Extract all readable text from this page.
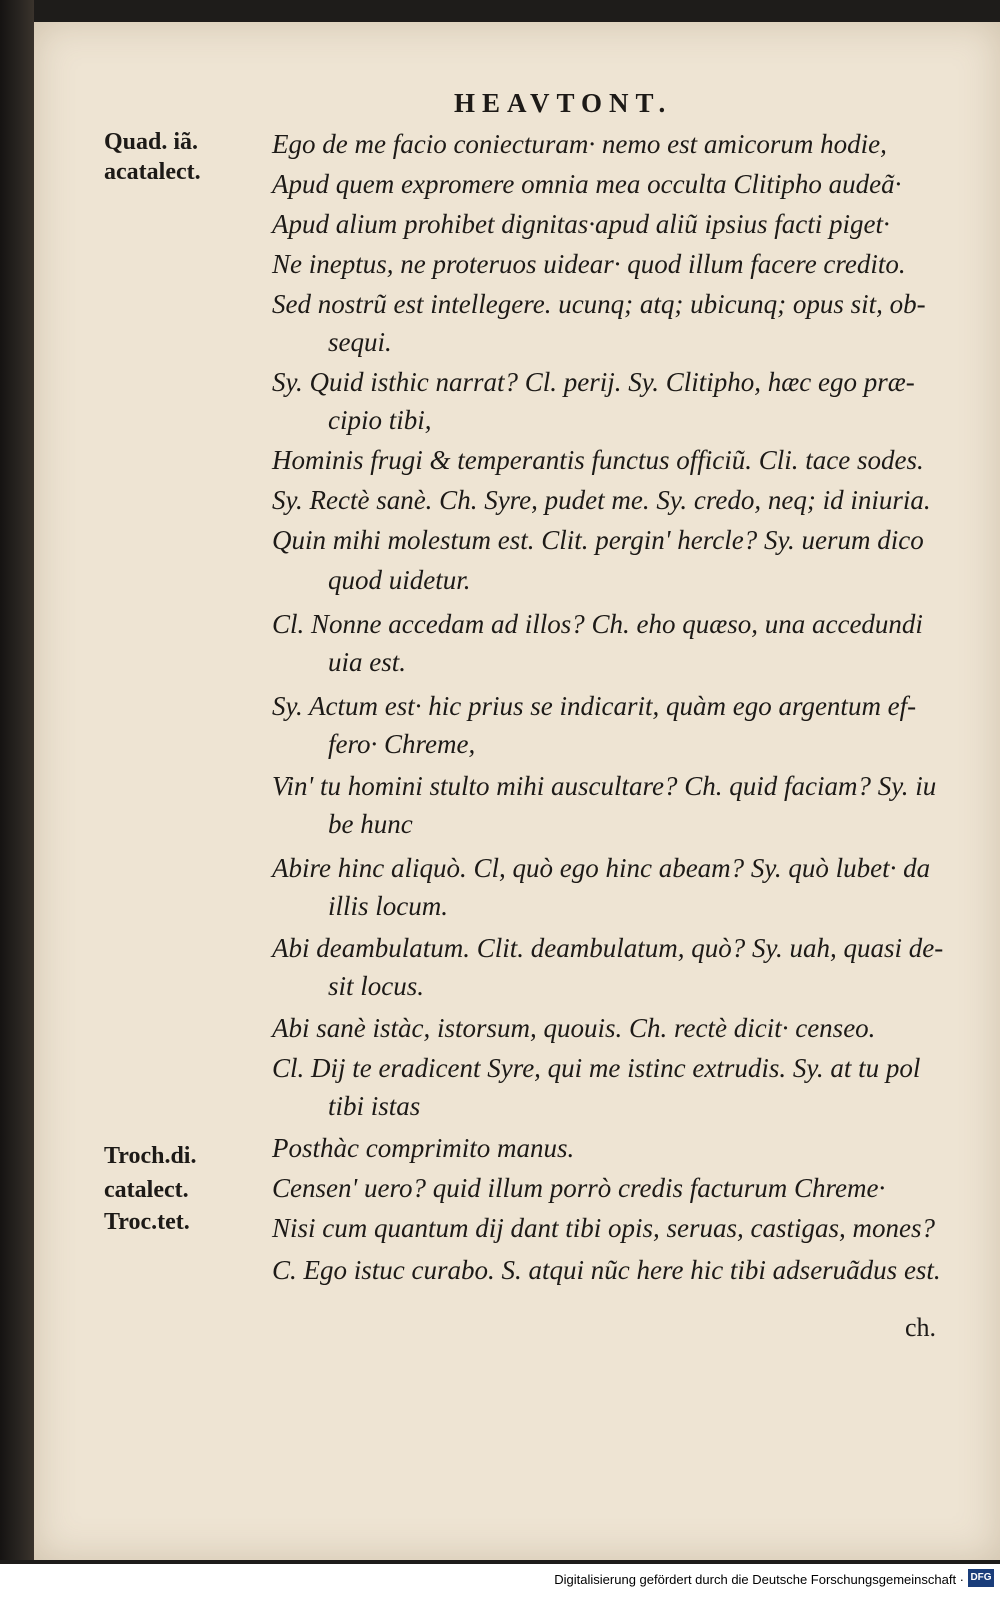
HEAVTONT.
Quad. iã.
acatalect.
Troch.di.
catalect.
Troc.tet.
Ego de me facio coniecturam· nemo est amicorum hodie,
Apud quem expromere omnia mea occulta Clitipho audeã·
Apud alium prohibet dignitas·apud aliũ ipsius facti piget·
Ne ineptus, ne proteruos uidear· quod illum facere credito.
Sed nostrũ est intellegere. ucunq; atq; ubicunq; opus sit, ob-
sequi.
Sy. Quid isthic narrat? Cl. perij. Sy. Clitipho, hæc ego præ-
cipio tibi,
Hominis frugi & temperantis functus officiũ. Cli. tace sodes.
Sy. Rectè sanè. Ch. Syre, pudet me. Sy. credo, neq; id iniuria.
Quin mihi molestum est. Clit. pergin' hercle? Sy. uerum dico
quod uidetur.
Cl. Nonne accedam ad illos? Ch. eho quæso, una accedundi
uia est.
Sy. Actum est· hic prius se indicarit, quàm ego argentum ef-
fero· Chreme,
Vin' tu homini stulto mihi auscultare? Ch. quid faciam? Sy. iu
be hunc
Abire hinc aliquò. Cl, quò ego hinc abeam? Sy. quò lubet· da
illis locum.
Abi deambulatum. Clit. deambulatum, quò? Sy. uah, quasi de-
sit locus.
Abi sanè istàc, istorsum, quouis. Ch. rectè dicit· censeo.
Cl. Dij te eradicent Syre, qui me istinc extrudis. Sy. at tu pol
tibi istas
Posthàc comprimito manus.
Censen' uero? quid illum porrò credis facturum Chreme·
Nisi cum quantum dij dant tibi opis, seruas, castigas, mones?
C. Ego istuc curabo. S. atqui nũc here hic tibi adseruãdus est.
ch.
Digitalisierung gefördert durch die Deutsche Forschungsgemeinschaft · DFG
